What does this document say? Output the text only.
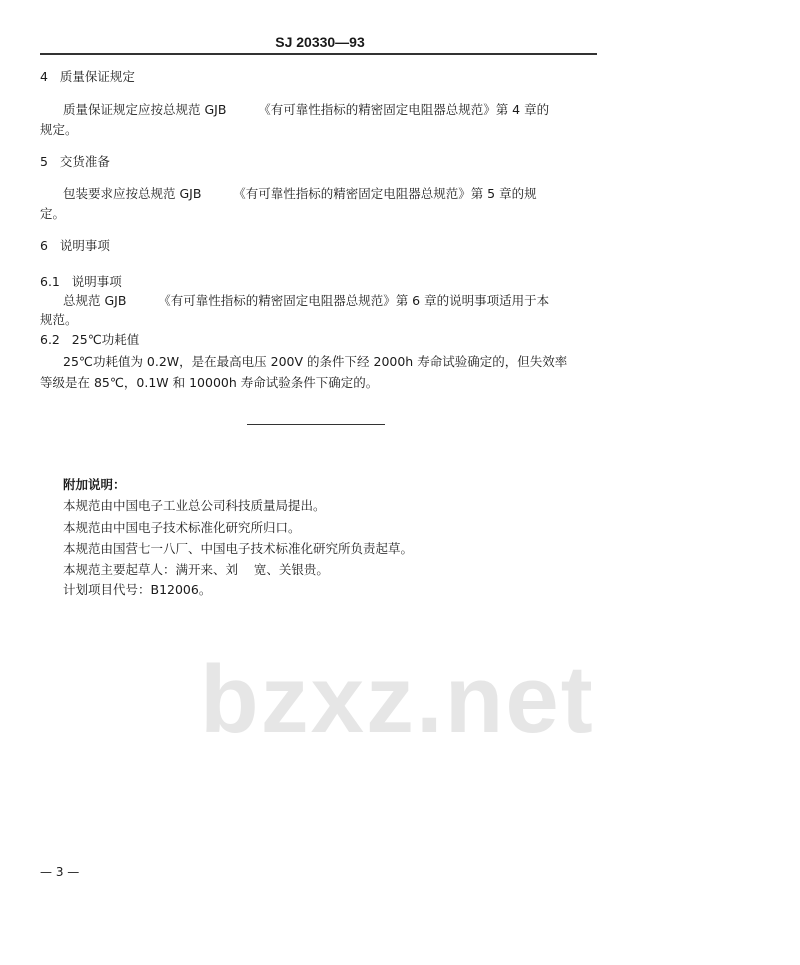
bzxz.net
SJ 20330—93
4   质量保证规定
质量保证规定应按总规范 GJB        《有可靠性指标的精密固定电阻器总规范》第 4 章的
规定。
5   交货准备
包装要求应按总规范 GJB        《有可靠性指标的精密固定电阻器总规范》第 5 章的规
定。
6   说明事项
6.1   说明事项
总规范 GJB        《有可靠性指标的精密固定电阻器总规范》第 6 章的说明事项适用于本
规范。
6.2   25℃功耗值
25℃功耗值为 0.2W，是在最高电压 200V 的条件下经 2000h 寿命试验确定的，但失效率
等级是在 85℃，0.1W 和 10000h 寿命试验条件下确定的。
附加说明：
本规范由中国电子工业总公司科技质量局提出。
本规范由中国电子技术标准化研究所归口。
本规范由国营七一八厂、中国电子技术标准化研究所负责起草。
本规范主要起草人：满开来、刘    宽、关银贵。
计划项目代号：B12006。
— 3 —
